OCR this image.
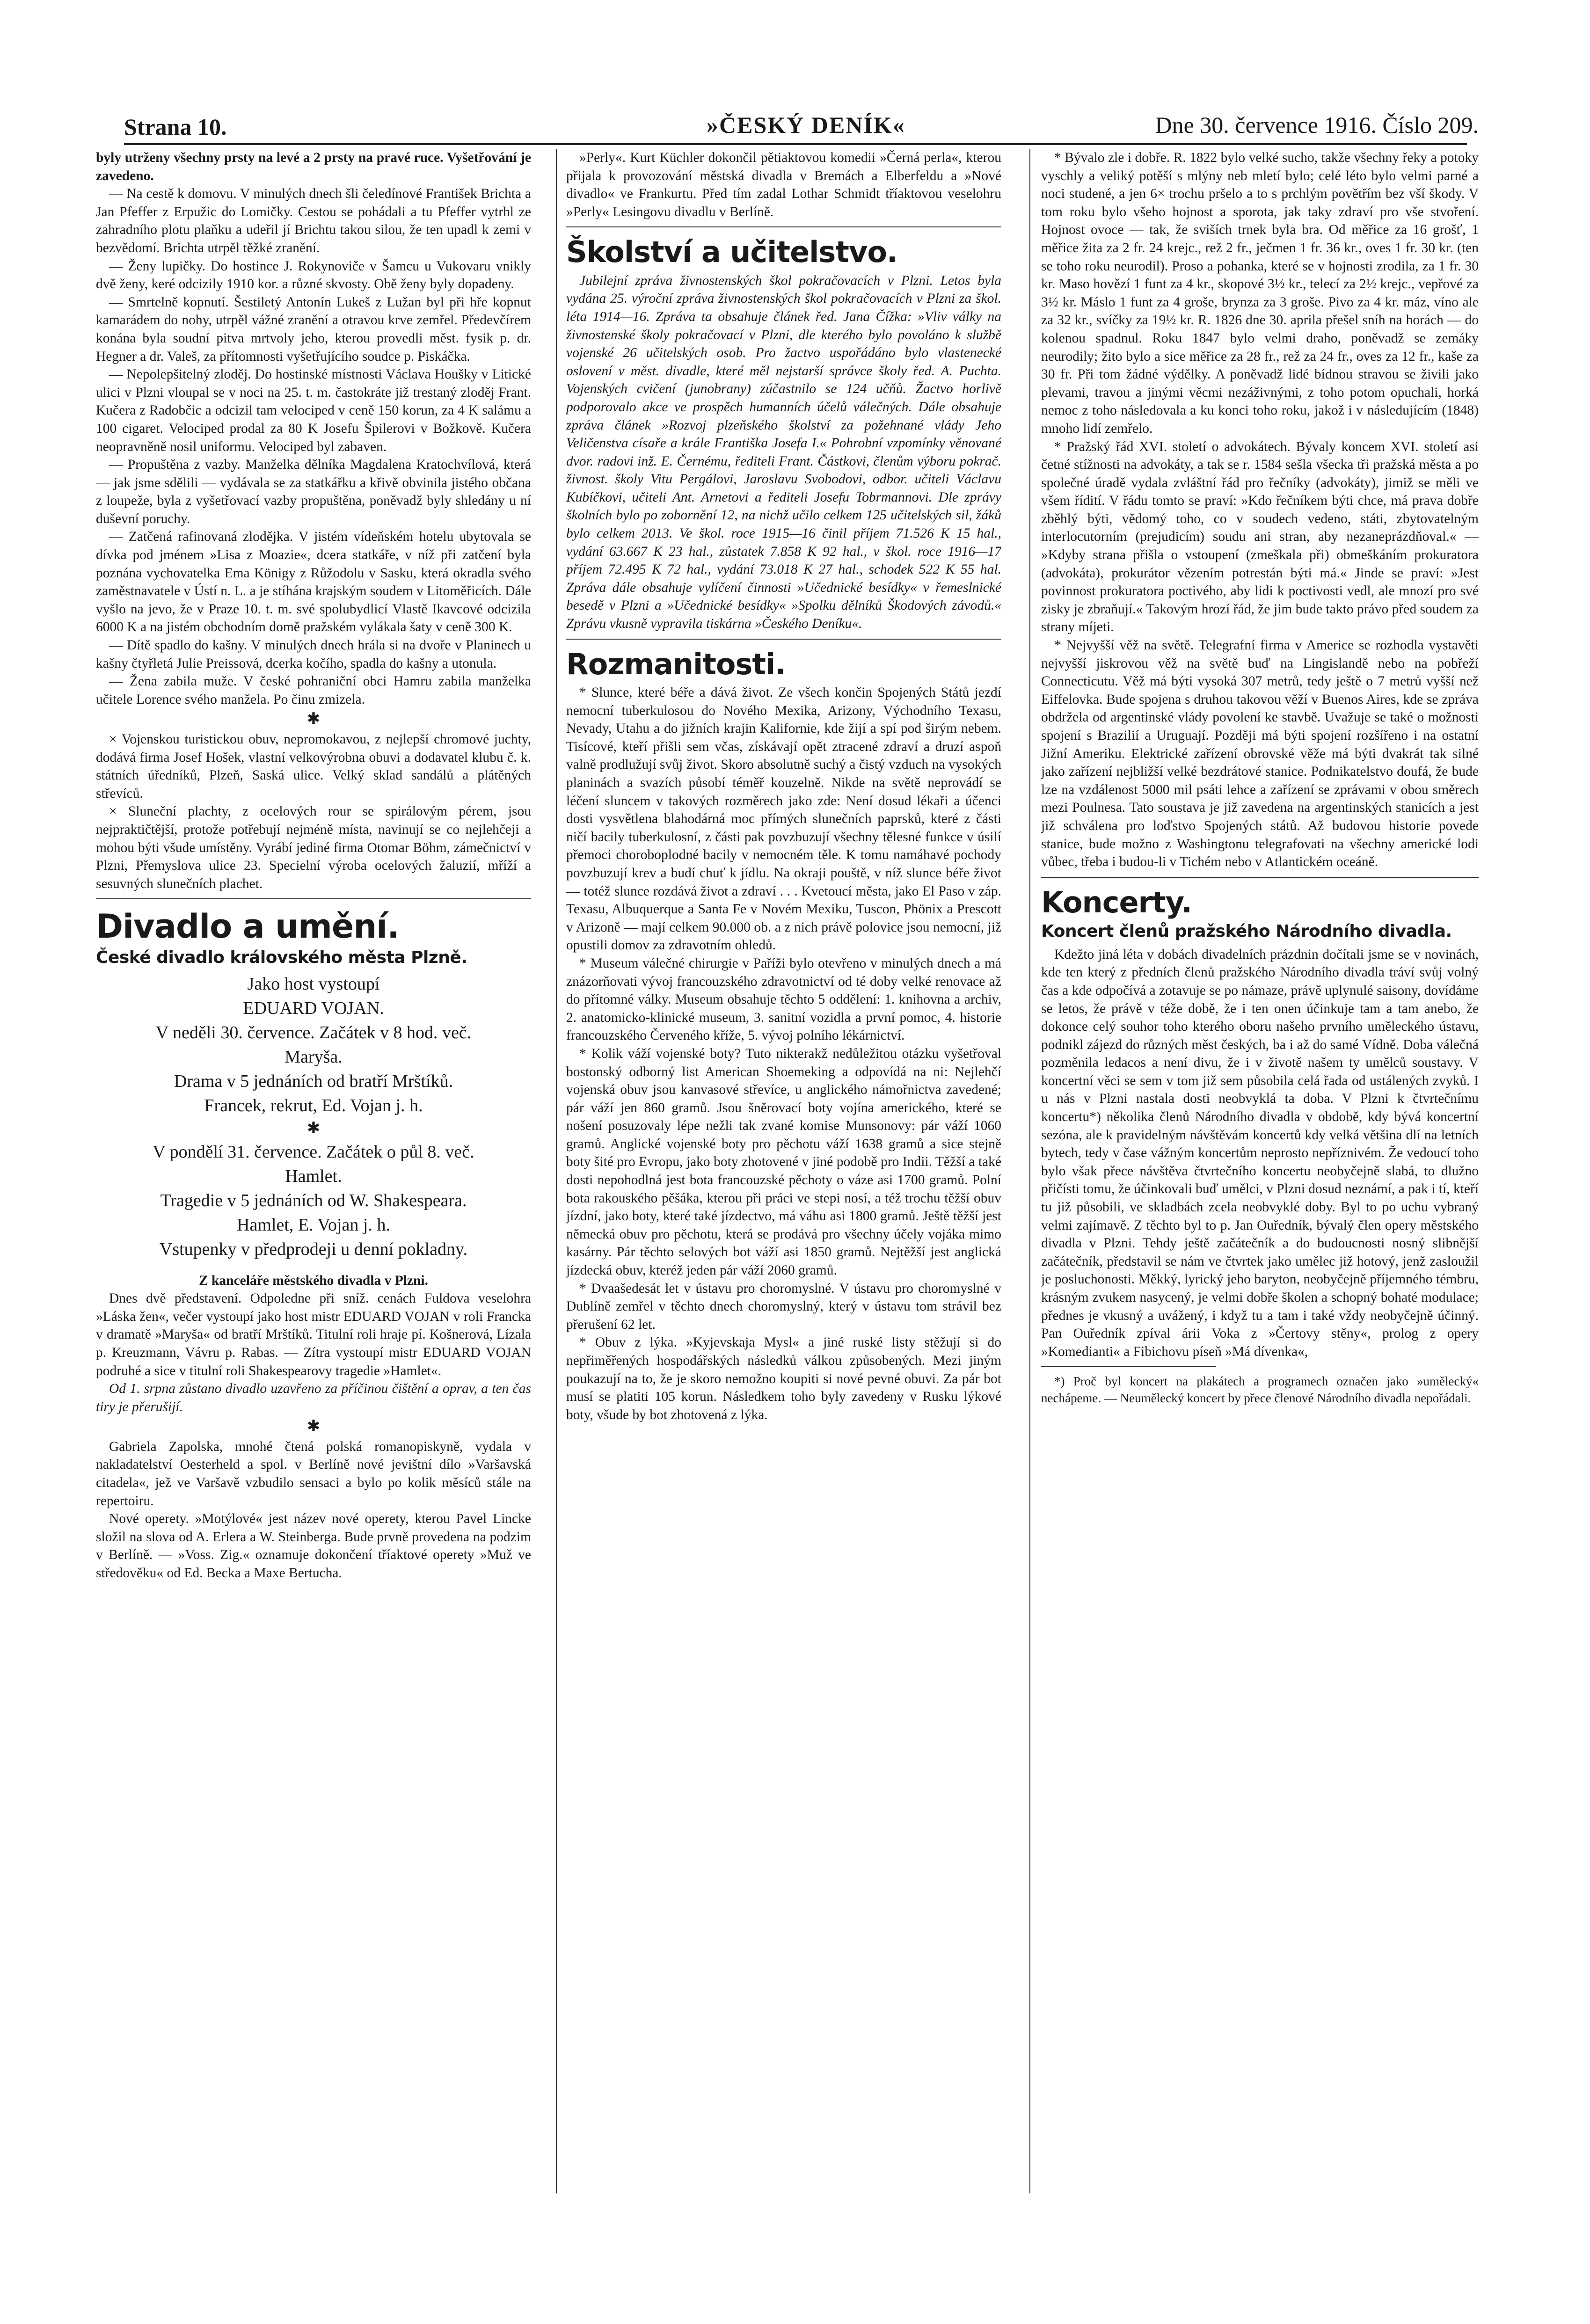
Strana 10.	»ČESKÝ DENÍK«	Dne 30. července 1916. Číslo 209.

byly utrženy všechny prsty na levé a 2 prsty na pravé ruce. Vyšetřování je zavedeno.

— Na cestě k domovu. V minulých dnech šli čeledínové František Brichta a Jan Pfeffer z Erpužic do Lomičky. Cestou se pohádali a tu Pfeffer vytrhl ze zahradního plotu plaňku a udeřil jí Brichtu takou silou, že ten upadl k zemi v bezvědomí. Brichta utrpěl těžké zranění.

— Ženy lupičky. Do hostince J. Rokynoviče v Šamcu u Vukovaru vnikly dvě ženy, keré odcizily 1910 kor. a různé skvosty. Obě ženy byly dopadeny.

— Smrtelně kopnutí. Šestiletý Antonín Lukeš z Lužan byl při hře kopnut kamarádem do nohy, utrpěl vážné zranění a otravou krve zemřel. Předevčírem konána byla soudní pitva mrtvoly jeho, kterou provedli měst. fysik p. dr. Hegner a dr. Valeš, za přítomnosti vyšetřujícího soudce p. Piskáčka.

— Nepolepšitelný zloděj. Do hostinské místnosti Václava Houšky v Litické ulici v Plzni vloupal se v noci na 25. t. m. častokráte již trestaný zloděj Frant. Kučera z Radobčic a odcizil tam velociped v ceně 150 korun, za 4 K salámu a 100 cigaret. Velociped prodal za 80 K Josefu Špilerovi v Božkově. Kučera neopravněně nosil uniformu. Velociped byl zabaven.

— Propuštěna z vazby. Manželka dělníka Magdalena Kratochvílová, která — jak jsme sdělili — vydávala se za statkářku a křivě obvinila jistého občana z loupeže, byla z vyšetřovací vazby propuštěna, poněvadž byly shledány u ní duševní poruchy.

— Zatčená rafinovaná zlodějka. V jistém vídeňském hotelu ubytovala se dívka pod jménem »Lisa z Moazie«, dcera statkáře, v níž při zatčení byla poznána vychovatelka Ema Königy z Růžodolu v Sasku, která okradla svého zaměstnavatele v Ústí n. L. a je stíhána krajským soudem v Litoměřicích. Dále vyšlo na jevo, že v Praze 10. t. m. své spolubydlicí Vlastě Ikavcové odcizila 6000 K a na jistém obchodním domě pražském vylákala šaty v ceně 300 K.

— Dítě spadlo do kašny. V minulých dnech hrála si na dvoře v Planinech u kašny čtyřletá Julie Preissová, dcerka kočího, spadla do kašny a utonula.

— Žena zabila muže. V české pohraniční obci Hamru zabila manželka učitele Lorence svého manžela. Po činu zmizela.

✱

× Vojenskou turistickou obuv, nepromokavou, z nejlepší chromové juchty, dodává firma Josef Hošek, vlastní velkovýrobna obuvi a dodavatel klubu č. k. státních úředníků, Plzeň, Saská ulice. Velký sklad sandálů a plátěných střevíců.

× Sluneční plachty, z ocelových rour se spirálovým pérem, jsou nejpraktičtější, protože potřebují nejméně místa, navinují se co nejlehčeji a mohou býti všude umístěny. Vyrábí jediné firma Otomar Böhm, zámečnictví v Plzni, Přemyslova ulice 23. Specielní výroba ocelových žaluzií, mříží a sesuvných slunečních plachet.

Divadlo a umění.
České divadlo královského města Plzně.

Jako host vystoupí

EDUARD VOJAN.

V neděli 30. července. Začátek v 8 hod. več.

Maryša.

Drama v 5 jednáních od bratří Mrštíků.

Francek, rekrut, Ed. Vojan j. h.

✱

V pondělí 31. července. Začátek o půl 8. več.

Hamlet.

Tragedie v 5 jednáních od W. Shakespeara.

Hamlet, E. Vojan j. h.

Vstupenky v předprodeji u denní pokladny.

Z kanceláře městského divadla v Plzni.

Dnes dvě představení. Odpoledne při sníž. cenách Fuldova veselohra »Láska žen«, večer vystoupí jako host mistr EDUARD VOJAN v roli Francka v dramatě »Maryša« od bratří Mrštíků. Titulní roli hraje pí. Košnerová, Lízala p. Kreuzmann, Vávru p. Rabas. — Zítra vystoupí mistr EDUARD VOJAN podruhé a sice v titulní roli Shakespearovy tragedie »Hamlet«.

Od 1. srpna zůstano divadlo uzavřeno za příčinou čištění a oprav, a ten čas tiry je přerušijí.

✱

Gabriela Zapolska, mnohé čtená polská romanopiskyně, vydala v nakladatelství Oesterheld a spol. v Berlíně nové jevištní dílo »Varšavská citadela«, jež ve Varšavě vzbudilo sensaci a bylo po kolik měsíců stále na repertoiru.

Nové operety. »Motýlové« jest název nové operety, kterou Pavel Lincke složil na slova od A. Erlera a W. Steinberga. Bude prvně provedena na podzim v Berlíně. — »Voss. Zig.« oznamuje dokončení tříaktové operety »Muž ve středověku« od Ed. Becka a Maxe Bertucha.

»Perly«. Kurt Küchler dokončil pětiaktovou komedii »Černá perla«, kterou přijala k provozování městská divadla v Bremách a Elberfeldu a »Nové divadlo« ve Frankurtu. Před tím zadal Lothar Schmidt tříaktovou veselohru »Perly« Lesingovu divadlu v Berlíně.

Školství a učitelstvo.

Jubilejní zpráva živnostenských škol pokračovacích v Plzni. Letos byla vydána 25. výroční zpráva živnostenských škol pokračovacích v Plzni za škol. léta 1914—16. Zpráva ta obsahuje článek řed. Jana Čížka: »Vliv války na živnostenské školy pokračovací v Plzni, dle kterého bylo povoláno k službě vojenské 26 učitelských osob. Pro žactvo uspořádáno bylo vlastenecké oslovení v měst. divadle, které měl nejstarší správce školy řed. A. Puchta. Vojenských cvičení (junobrany) zúčastnilo se 124 učňů. Žactvo horlivě podporovalo akce ve prospěch humanních účelů válečných. Dále obsahuje zpráva článek »Rozvoj plzeňského školství za požehnané vlády Jeho Veličenstva císaře a krále Františka Josefa I.« Pohrobní vzpomínky věnované dvor. radovi inž. E. Černému, řediteli Frant. Částkovi, členům výboru pokrač. živnost. školy Vitu Pergálovi, Jaroslavu Svobodovi, odbor. učiteli Václavu Kubíčkovi, učiteli Ant. Arnetovi a řediteli Josefu Tobrmannovi. Dle zprávy školních bylo po zobornění 12, na nichž učilo celkem 125 učitelských sil, žáků bylo celkem 2013. Ve škol. roce 1915—16 činil příjem 71.526 K 15 hal., vydání 63.667 K 23 hal., zůstatek 7.858 K 92 hal., v škol. roce 1916—17 příjem 72.495 K 72 hal., vydání 73.018 K 27 hal., schodek 522 K 55 hal. Zpráva dále obsahuje vylíčení činnosti »Učednické besídky« v řemeslnické besedě v Plzni a »Učednické besídky« »Spolku dělníků Škodových závodů.« Zprávu vkusně vypravila tiskárna »Českého Deníku«.

Rozmanitosti.

* Slunce, které béře a dává život. Ze všech končin Spojených Států jezdí nemocní tuberkulosou do Nového Mexika, Arizony, Východního Texasu, Nevady, Utahu a do jižních krajin Kalifornie, kde žijí a spí pod širým nebem. Tisícové, kteří přišli sem včas, získávají opět ztracené zdraví a druzí aspoň valně prodlužují svůj život. Skoro absolutně suchý a čistý vzduch na vysokých planinách a svazích působí téměř kouzelně. Nikde na světě neprovádí se léčení sluncem v takových rozměrech jako zde: Není dosud lékaři a účenci dosti vysvětlena blahodárná moc přímých slunečních paprsků, které z části ničí bacily tuberkulosní, z části pak povzbuzují všechny tělesné funkce v úsilí přemoci choroboplodné bacily v nemocném těle. K tomu namáhavé pochody povzbuzují krev a budí chuť k jídlu. Na okraji pouště, v níž slunce béře život — totéž slunce rozdává život a zdraví . . . Kvetoucí města, jako El Paso v záp. Texasu, Albuquerque a Santa Fe v Novém Mexiku, Tuscon, Phönix a Prescott v Arizoně — mají celkem 90.000 ob. a z nich právě polovice jsou nemocní, již opustili domov za zdravotním ohledů.

* Museum válečné chirurgie v Paříži bylo otevřeno v minulých dnech a má znázorňovati vývoj francouzského zdravotnictví od té doby velké renovace až do přítomné války. Museum obsahuje těchto 5 oddělení: 1. knihovna a archiv, 2. anatomicko-klinické museum, 3. sanitní vozidla a první pomoc, 4. historie francouzského Červeného kříže, 5. vývoj polního lékárnictví.

* Kolik váží vojenské boty? Tuto nikterakž nedůležitou otázku vyšetřoval bostonský odborný list American Shoemeking a odpovídá na ni: Nejlehčí vojenská obuv jsou kanvasové střevíce, u anglického námořnictva zavedené; pár váží jen 860 gramů. Jsou šněrovací boty vojína amerického, které se nošení posuzovaly lépe nežli tak zvané komise Munsonovy: pár váží 1060 gramů. Anglické vojenské boty pro pěchotu váží 1638 gramů a sice stejně boty šité pro Evropu, jako boty zhotovené v jiné podobě pro Indii. Těžší a také dosti nepohodlná jest bota francouzské pěchoty o váze asi 1700 gramů. Polní bota rakouského pěšáka, kterou při práci ve stepi nosí, a též trochu těžší obuv jízdní, jako boty, které také jízdectvo, má váhu asi 1800 gramů. Ještě těžší jest německá obuv pro pěchotu, která se prodává pro všechny účely vojáka mimo kasárny. Pár těchto selových bot váží asi 1850 gramů. Nejtěžší jest anglická jízdecká obuv, kteréž jeden pár váží 2060 gramů.

* Dvaašedesát let v ústavu pro choromyslné. V ústavu pro choromyslné v Dublíně zemřel v těchto dnech choromyslný, který v ústavu tom strávil bez přerušení 62 let.

* Obuv z lýka. »Kyjevskaja Mysl« a jiné ruské listy stěžují si do nepřiměřených hospodářských následků válkou způsobených. Mezi jiným poukazují na to, že je skoro nemožno koupiti si nové pevné obuvi. Za pár bot musí se platiti 105 korun. Následkem toho byly zavedeny v Rusku lýkové boty, všude by bot zhotovená z lýka.

* Bývalo zle i dobře. R. 1822 bylo velké sucho, takže všechny řeky a potoky vyschly a veliký potěší s mlýny neb mletí bylo; celé léto bylo velmi parné a noci studené, a jen 6× trochu pršelo a to s prchlým povětřím bez vší škody. V tom roku bylo všeho hojnost a sporota, jak taky zdraví pro vše stvoření. Hojnost ovoce — tak, že sviších trnek byla bra. Od měřice za 16 grošť, 1 měřice žita za 2 fr. 24 krejc., rež 2 fr., ječmen 1 fr. 36 kr., oves 1 fr. 30 kr. (ten se toho roku neurodil). Proso a pohanka, které se v hojnosti zrodila, za 1 fr. 30 kr. Maso hovězí 1 funt za 4 kr., skopové 3½ kr., telecí za 2½ krejc., vepřové za 3½ kr. Máslo 1 funt za 4 groše, brynza za 3 groše. Pivo za 4 kr. máz, víno ale za 32 kr., svíčky za 19½ kr. R. 1826 dne 30. aprila přešel sníh na horách — do kolenou spadnul. Roku 1847 bylo velmi draho, poněvadž se zemáky neurodily; žito bylo a sice měřice za 28 fr., rež za 24 fr., oves za 12 fr., kaše za 30 fr. Při tom žádné výdělky. A poněvadž lidé bídnou stravou se živili jako plevami, travou a jinými věcmi nezáživnými, z toho potom opuchali, horká nemoc z toho následovala a ku konci toho roku, jakož i v následujícím (1848) mnoho lidí zemřelo.

* Pražský řád XVI. století o advokátech. Bývaly koncem XVI. století asi četné stížnosti na advokáty, a tak se r. 1584 sešla všecka tři pražská města a po společné úradě vydala zvláštní řád pro řečníky (advokáty), jimiž se měli ve všem řídití. V řádu tomto se praví: »Kdo řečníkem býti chce, má prava dobře zběhlý býti, vědomý toho, co v soudech vedeno, státi, zbytovatelným interlocutorním (prejudicím) soudu ani stran, aby nezaneprázdňoval.« — »Kdyby strana přišla o vstoupení (zmeškala při) obmeškáním prokuratora (advokáta), prokurátor vězením potrestán býti má.« Jinde se praví: »Jest povinnost prokuratora poctivého, aby lidi k poctivosti vedl, ale mnozí pro své zisky je zbraňují.« Takovým hrozí řád, že jim bude takto právo před soudem za strany míjeti.

* Nejvyšší věž na světě. Telegrafní firma v Americe se rozhodla vystavěti nejvyšší jiskrovou věž na světě buď na Lingislandě nebo na pobřeží Connecticutu. Věž má býti vysoká 307 metrů, tedy ještě o 7 metrů vyšší než Eiffelovka. Bude spojena s druhou takovou věží v Buenos Aires, kde se zpráva obdržela od argentinské vlády povolení ke stavbě. Uvažuje se také o možnosti spojení s Brazilií a Uruguají. Později má býti spojení rozšířeno i na ostatní Jižní Ameriku. Elektrické zařízení obrovské věže má býti dvakrát tak silné jako zařízení nejbližší velké bezdrátové stanice. Podnikatelstvo doufá, že bude lze na vzdálenost 5000 mil psáti lehce a zařízení se zprávami v obou směrech mezi Poulnesa. Tato soustava je již zavedena na argentinských stanicích a jest již schválena pro loďstvo Spojených států. Až budovou historie povede stanice, bude možno z Washingtonu telegrafovati na všechny americké lodi vůbec, třeba i budou-li v Tichém nebo v Atlantickém oceáně.

Koncerty.
Koncert členů pražského Národního divadla.

Kdežto jiná léta v dobách divadelních prázdnin dočítali jsme se v novinách, kde ten který z předních členů pražského Národního divadla tráví svůj volný čas a kde odpočívá a zotavuje se po námaze, právě uplynulé saisony, dovídáme se letos, že právě v téže době, že i ten onen účinkuje tam a tam anebo, že dokonce celý souhor toho kterého oboru našeho prvního uměleckého ústavu, podnikl zájezd do různých měst českých, ba i až do samé Vídně. Doba válečná pozměnila ledacos a není divu, že i v životě našem ty umělců soustavy. V koncertní věci se sem v tom již sem působila celá řada od ustálených zvyků. I u nás v Plzni nastala dosti neobvyklá ta doba. V Plzni k čtvrtečnímu koncertu*) několika členů Národního divadla v obdobě, kdy bývá koncertní sezóna, ale k pravidelným návštěvám koncertů kdy velká většina dlí na letních bytech, tedy v čase vážným koncertům neprosto nepříznivém. Že vedoucí toho bylo však přece návštěva čtvrtečního koncertu neobyčejně slabá, to dlužno přičísti tomu, že účinkovali buď umělci, v Plzni dosud neznámí, a pak i tí, kteří tu již působili, ve skladbách zcela neobvyklé doby. Byl to po uchu vybraný velmi zajímavě. Z těchto byl to p. Jan Ouředník, bývalý člen opery městského divadla v Plzni. Tehdy ještě začátečník a do budoucnosti nosný slibnější začátečník, představil se nám ve čtvrtek jako umělec již hotový, jenž zasloužil je posluchonosti. Měkký, lyrický jeho baryton, neobyčejně příjemného témbru, krásným zvukem nasycený, je velmi dobře školen a schopný bohaté modulace; přednes je vkusný a uvážený, i když tu a tam i také vždy neobyčejně účinný. Pan Ouředník zpíval árii Voka z »Čertovy stěny«, prolog z opery »Komedianti« a Fibichovu píseň »Má dívenka«,

*) Proč byl koncert na plakátech a programech označen jako »umělecký« nechápeme. — Neumělecký koncert by přece členové Národního divadla nepořádali.
